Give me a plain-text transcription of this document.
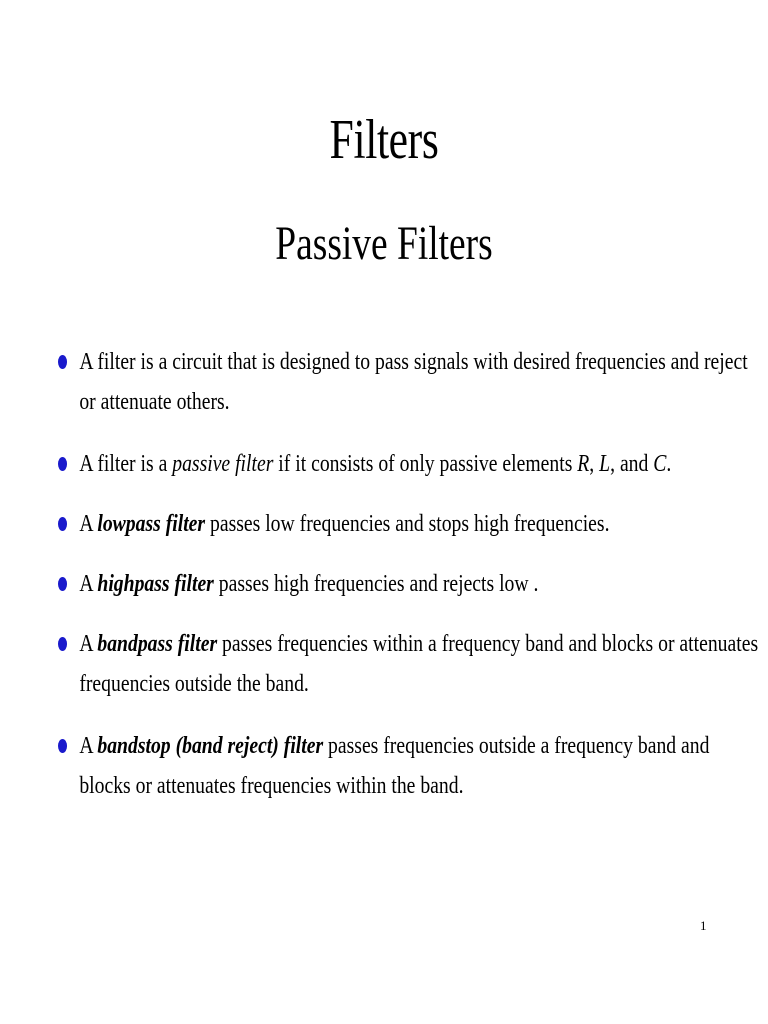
Filters
Passive Filters
A filter is a circuit that is designed to pass signals with desired frequencies and reject or attenuate others.
A filter is a passive filter if it consists of only passive elements R, L, and C.
A lowpass filter passes low frequencies and stops high frequencies.
A highpass filter passes high frequencies and rejects low .
A bandpass filter passes frequencies within a frequency band and blocks or attenuates frequencies outside the band.
A bandstop (band reject) filter passes frequencies outside a frequency band and blocks or attenuates frequencies within the band.
1
